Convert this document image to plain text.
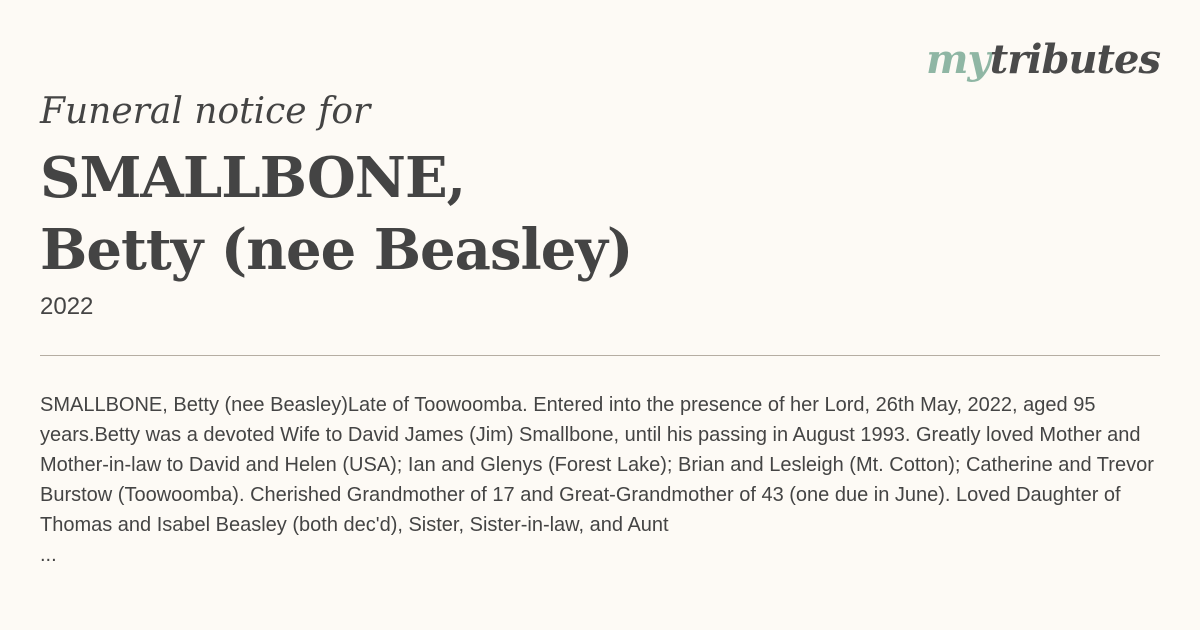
mytributes

Funeral notice for

SMALLBONE,
Betty (nee Beasley)
2022

SMALLBONE, Betty (nee Beasley)Late of Toowoomba. Entered into the presence of her Lord, 26th May, 2022, aged 95 years.Betty was a devoted Wife to David James (Jim) Smallbone, until his passing in August 1993. Greatly loved Mother and Mother-in-law to David and Helen (USA); Ian and Glenys (Forest Lake); Brian and Lesleigh (Mt. Cotton); Catherine and Trevor Burstow (Toowoomba). Cherished Grandmother of 17 and Great-Grandmother of 43 (one due in June). Loved Daughter of Thomas and Isabel Beasley (both dec'd), Sister, Sister-in-law, and Aunt

...
